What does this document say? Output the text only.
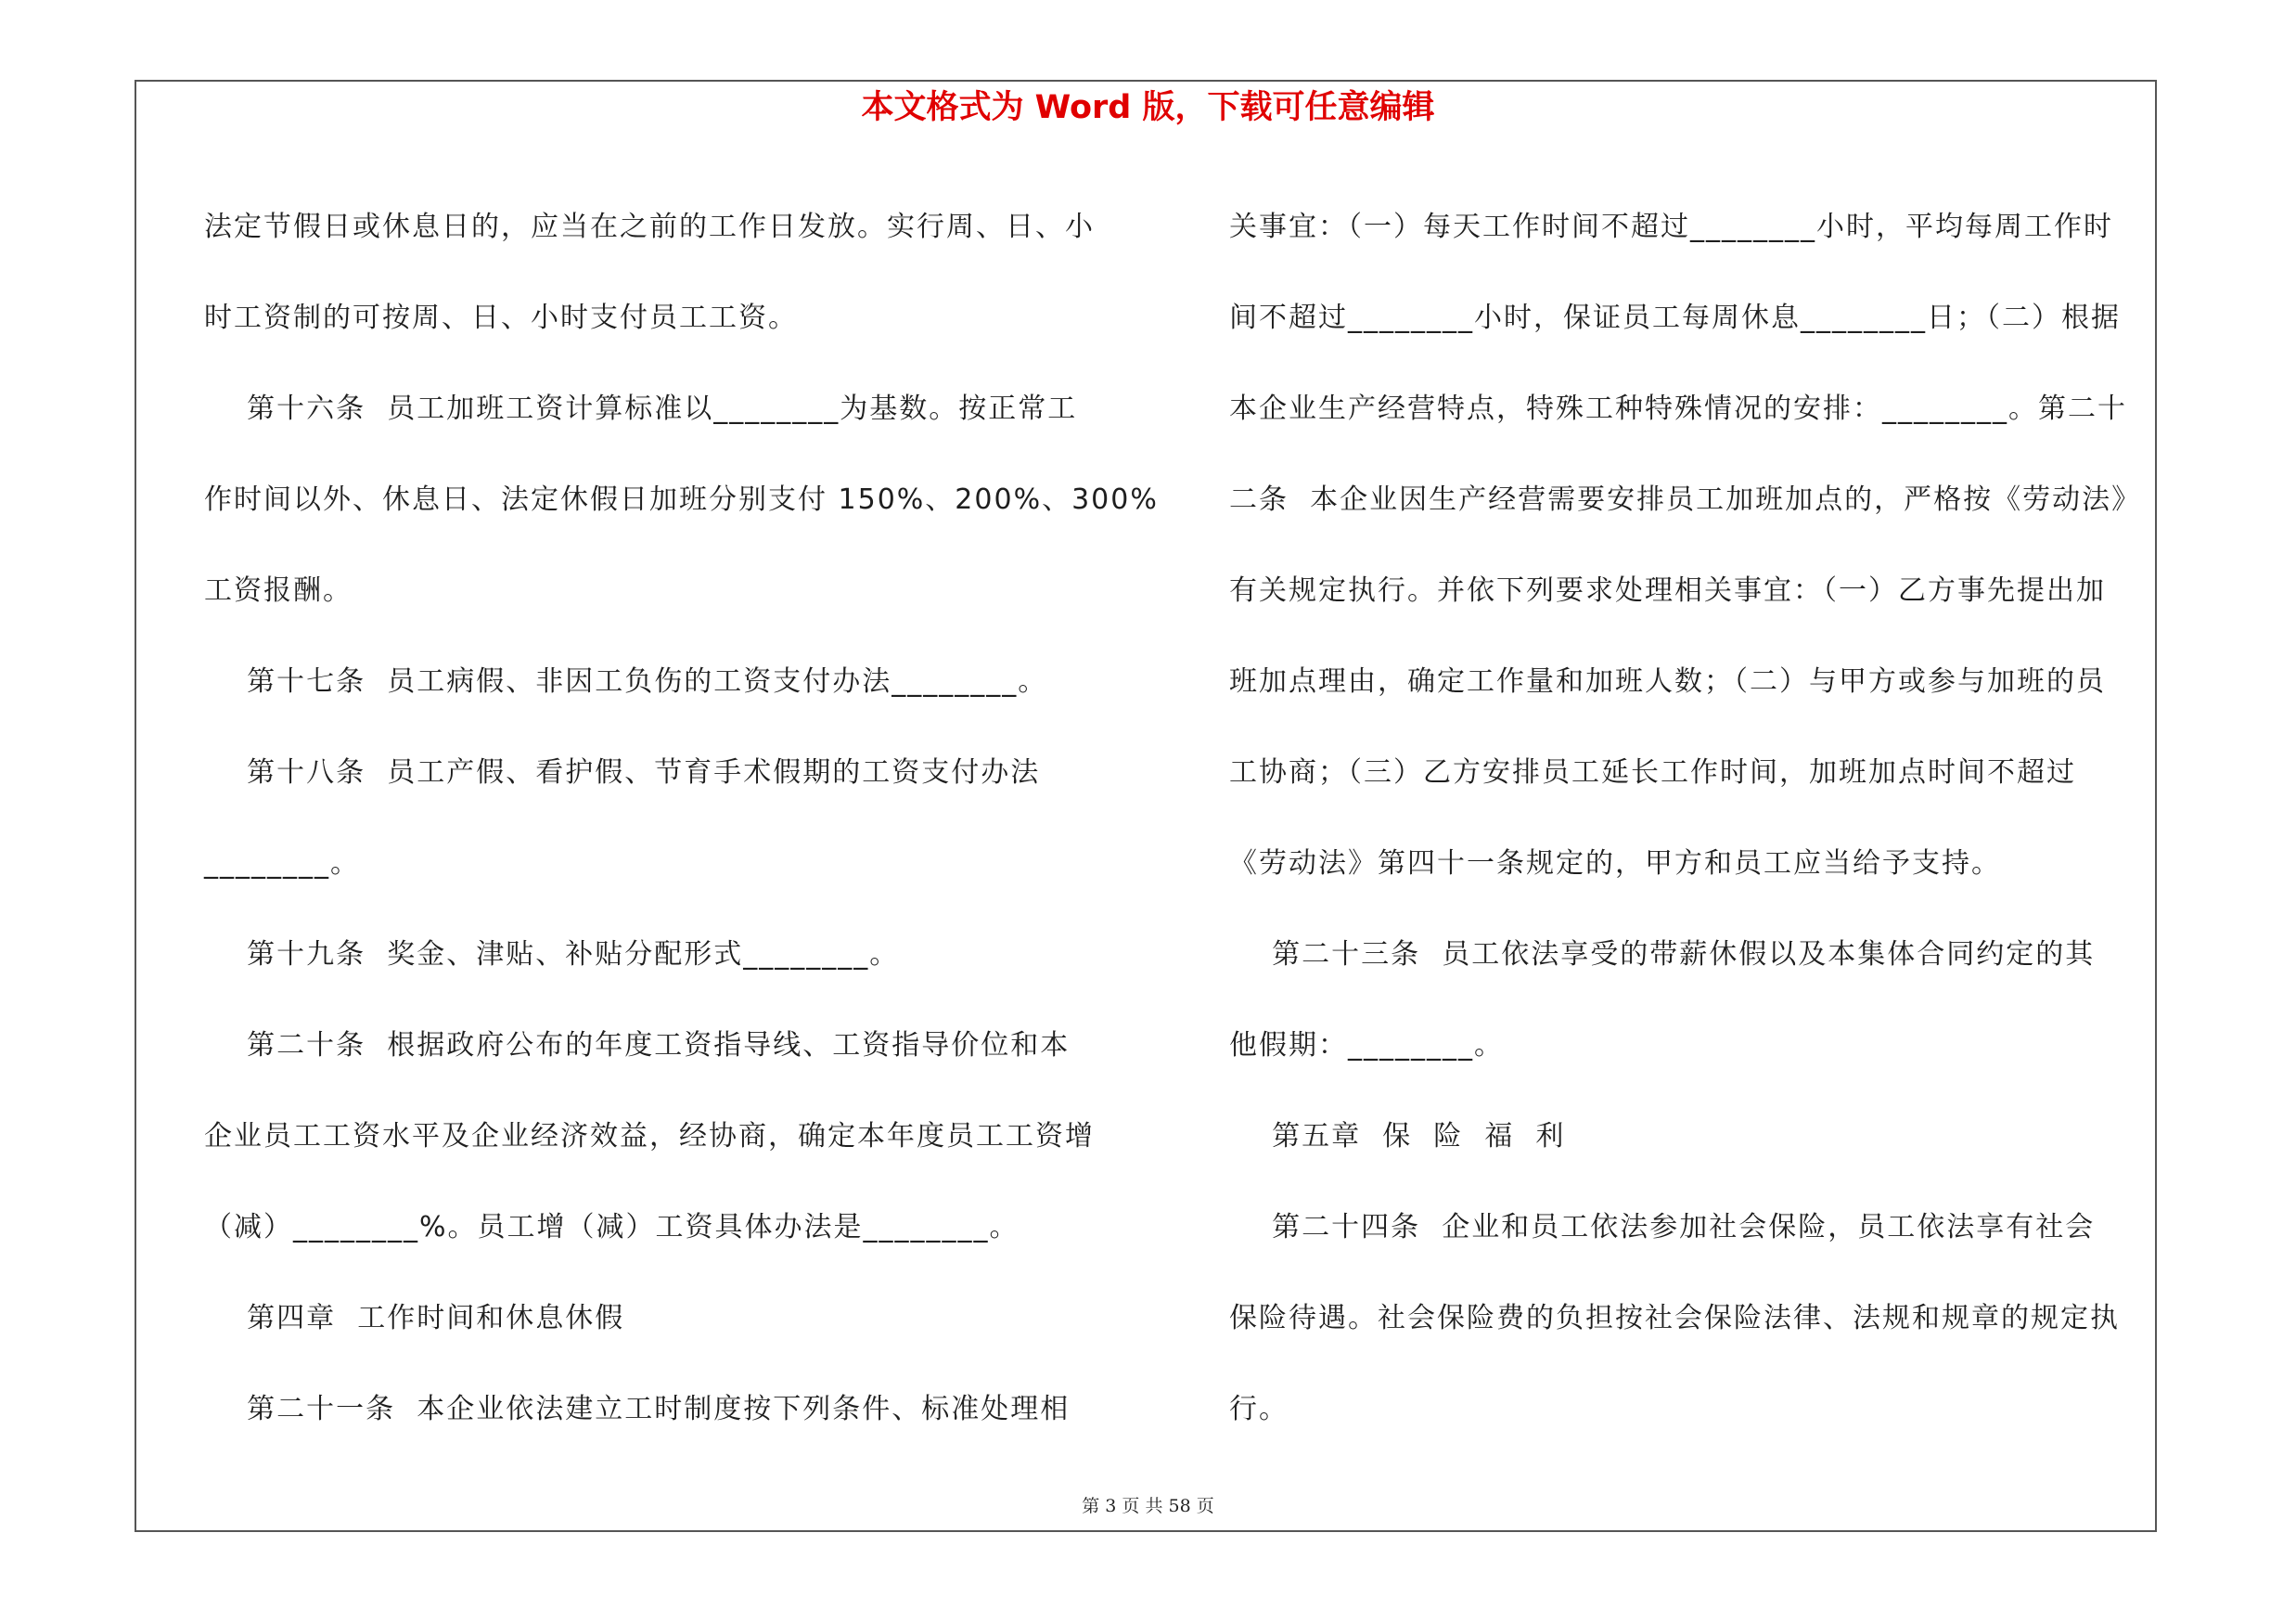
本文格式为 Word 版，下载可任意编辑
法定节假日或休息日的，应当在之前的工作日发放。实行周、日、小
时工资制的可按周、日、小时支付员工工资。
第十六条  员工加班工资计算标准以________为基数。按正常工
作时间以外、休息日、法定休假日加班分别支付 150%、200%、300%
工资报酬。
第十七条  员工病假、非因工负伤的工资支付办法________。
第十八条  员工产假、看护假、节育手术假期的工资支付办法
________。
第十九条  奖金、津贴、补贴分配形式________。
第二十条  根据政府公布的年度工资指导线、工资指导价位和本
企业员工工资水平及企业经济效益，经协商，确定本年度员工工资增
（减）________%。员工增（减）工资具体办法是________。
第四章  工作时间和休息休假
第二十一条  本企业依法建立工时制度按下列条件、标准处理相
关事宜：（一）每天工作时间不超过________小时，平均每周工作时
间不超过________小时，保证员工每周休息________日；（二）根据
本企业生产经营特点，特殊工种特殊情况的安排：________。第二十
二条  本企业因生产经营需要安排员工加班加点的，严格按《劳动法》
有关规定执行。并依下列要求处理相关事宜：（一）乙方事先提出加
班加点理由，确定工作量和加班人数；（二）与甲方或参与加班的员
工协商；（三）乙方安排员工延长工作时间，加班加点时间不超过
《劳动法》第四十一条规定的，甲方和员工应当给予支持。
第二十三条  员工依法享受的带薪休假以及本集体合同约定的其
他假期：________。
第五章  保  险  福  利
第二十四条  企业和员工依法参加社会保险，员工依法享有社会
保险待遇。社会保险费的负担按社会保险法律、法规和规章的规定执
行。
第 3 页 共 58 页
